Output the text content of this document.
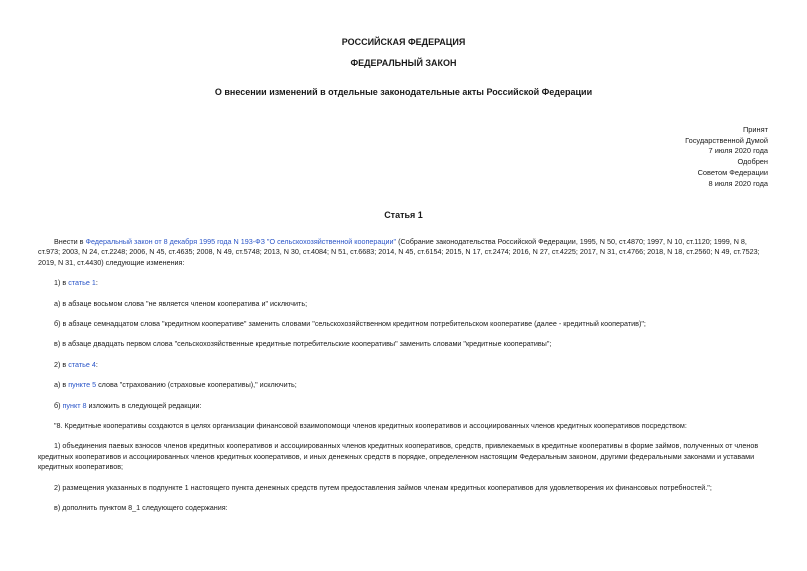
РОССИЙСКАЯ ФЕДЕРАЦИЯ
ФЕДЕРАЛЬНЫЙ ЗАКОН
О внесении изменений в отдельные законодательные акты Российской Федерации
Принят
Государственной Думой
7 июля 2020 года
Одобрен
Советом Федерации
8 июля 2020 года
Статья 1

Внести в Федеральный закон от 8 декабря 1995 года N 193-ФЗ "О сельскохозяйственной кооперации" (Собрание законодательства Российской Федерации, 1995, N 50, ст.4870; 1997, N 10, ст.1120; 1999, N 8, ст.973; 2003, N 24, ст.2248; 2006, N 45, ст.4635; 2008, N 49, ст.5748; 2013, N 30, ст.4084; N 51, ст.6683; 2014, N 45, ст.6154; 2015, N 17, ст.2474; 2016, N 27, ст.4225; 2017, N 31, ст.4766; 2018, N 18, ст.2560; N 49, ст.7523; 2019, N 31, ст.4430) следующие изменения:

1) в статье 1:

а) в абзаце восьмом слова "не является членом кооператива и" исключить;

б) в абзаце семнадцатом слова "кредитном кооперативе" заменить словами "сельскохозяйственном кредитном потребительском кооперативе (далее - кредитный кооператив)";

в) в абзаце двадцать первом слова "сельскохозяйственные кредитные потребительские кооперативы" заменить словами "кредитные кооперативы";

2) в статье 4:

а) в пункте 5 слова "страхованию (страховые кооперативы)," исключить;

б) пункт 8 изложить в следующей редакции:

"8. Кредитные кооперативы создаются в целях организации финансовой взаимопомощи членов кредитных кооперативов и ассоциированных членов кредитных кооперативов посредством:

1) объединения паевых взносов членов кредитных кооперативов и ассоциированных членов кредитных кооперативов, средств, привлекаемых в кредитные кооперативы в форме займов, полученных от членов кредитных кооперативов и ассоциированных членов кредитных кооперативов, и иных денежных средств в порядке, определенном настоящим Федеральным законом, другими федеральными законами и уставами кредитных кооперативов;

2) размещения указанных в подпункте 1 настоящего пункта денежных средств путем предоставления займов членам кредитных кооперативов для удовлетворения их финансовых потребностей.";

в) дополнить пунктом 8_1 следующего содержания:
